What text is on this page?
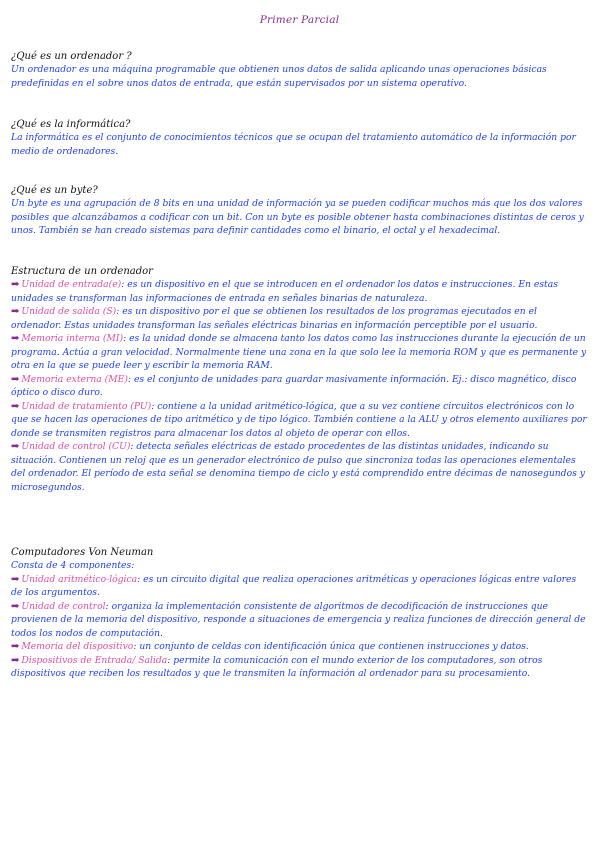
Primer Parcial

¿Qué es un ordenador ?

Un ordenador es una máquina programable que obtienen unos datos de salida aplicando unas operaciones básicas predefinidas en el sobre unos datos de entrada, que están supervisados por un sistema operativo.

¿Qué es la informática?

La informática es el conjunto de conocimientos técnicos que se ocupan del tratamiento automático de la información por medio de ordenadores.

¿Qué es un byte?

Un byte es una agrupación de 8 bits en una unidad de información ya se pueden codificar muchos más que los dos valores posibles que alcanzábamos a codificar con un bit. Con un byte es posible obtener hasta combinaciones distintas de ceros y unos. También se han creado sistemas para definir cantidades como el binario, el octal y el hexadecimal.

Estructura de un ordenador

➡ Unidad de entrada(e): es un dispositivo en el que se introducen en el ordenador los datos e instrucciones. En estas unidades se transforman las informaciones de entrada en señales binarias de naturaleza.

➡ Unidad de salida (S): es un dispositivo por el que se obtienen los resultados de los programas ejecutados en el ordenador. Estas unidades transforman las señales eléctricas binarias en información perceptible por el usuario.

➡ Memoria interna (MI): es la unidad donde se almacena tanto los datos como las instrucciones durante la ejecución de un programa. Actúa a gran velocidad. Normalmente tiene una zona en la que solo lee la memoria ROM y que es permanente y otra en la que se puede leer y escribir la memoria RAM.

➡ Memoria externa (ME): es el conjunto de unidades para guardar masivamente información. Ej.: disco magnético, disco óptico o disco duro.

➡ Unidad de tratamiento (PU): contiene a la unidad aritmético-lógica, que a su vez contiene circuitos electrónicos con lo que se hacen las operaciones de tipo aritmético y de tipo lógico. También contiene a la ALU y otros elemento auxiliares por donde se transmiten registros para almacenar los datos al objeto de operar con ellos.

➡ Unidad de control (CU): detecta señales eléctricas de estado procedentes de las distintas unidades, indicando su situación. Contienen un reloj que es un generador electrónico de pulso que sincroniza todas las operaciones elementales del ordenador. El período de esta señal se denomina tiempo de ciclo y está comprendido entre décimas de nanosegundos y microsegundos.

Computadores Von Neuman

Consta de 4 componentes:

➡ Unidad aritmético-lógica: es un circuito digital que realiza operaciones aritméticas y operaciones lógicas entre valores de los argumentos.

➡ Unidad de control: organiza la implementación consistente de algoritmos de decodificación de instrucciones que provienen de la memoria del dispositivo, responde a situaciones de emergencia y realiza funciones de dirección general de todos los nodos de computación.

➡ Memoria del dispositivo: un conjunto de celdas con identificación única que contienen instrucciones y datos.

➡ Dispositivos de Entrada/ Salida: permite la comunicación con el mundo exterior de los computadores, son otros dispositivos que reciben los resultados y que le transmiten la información al ordenador para su procesamiento.
